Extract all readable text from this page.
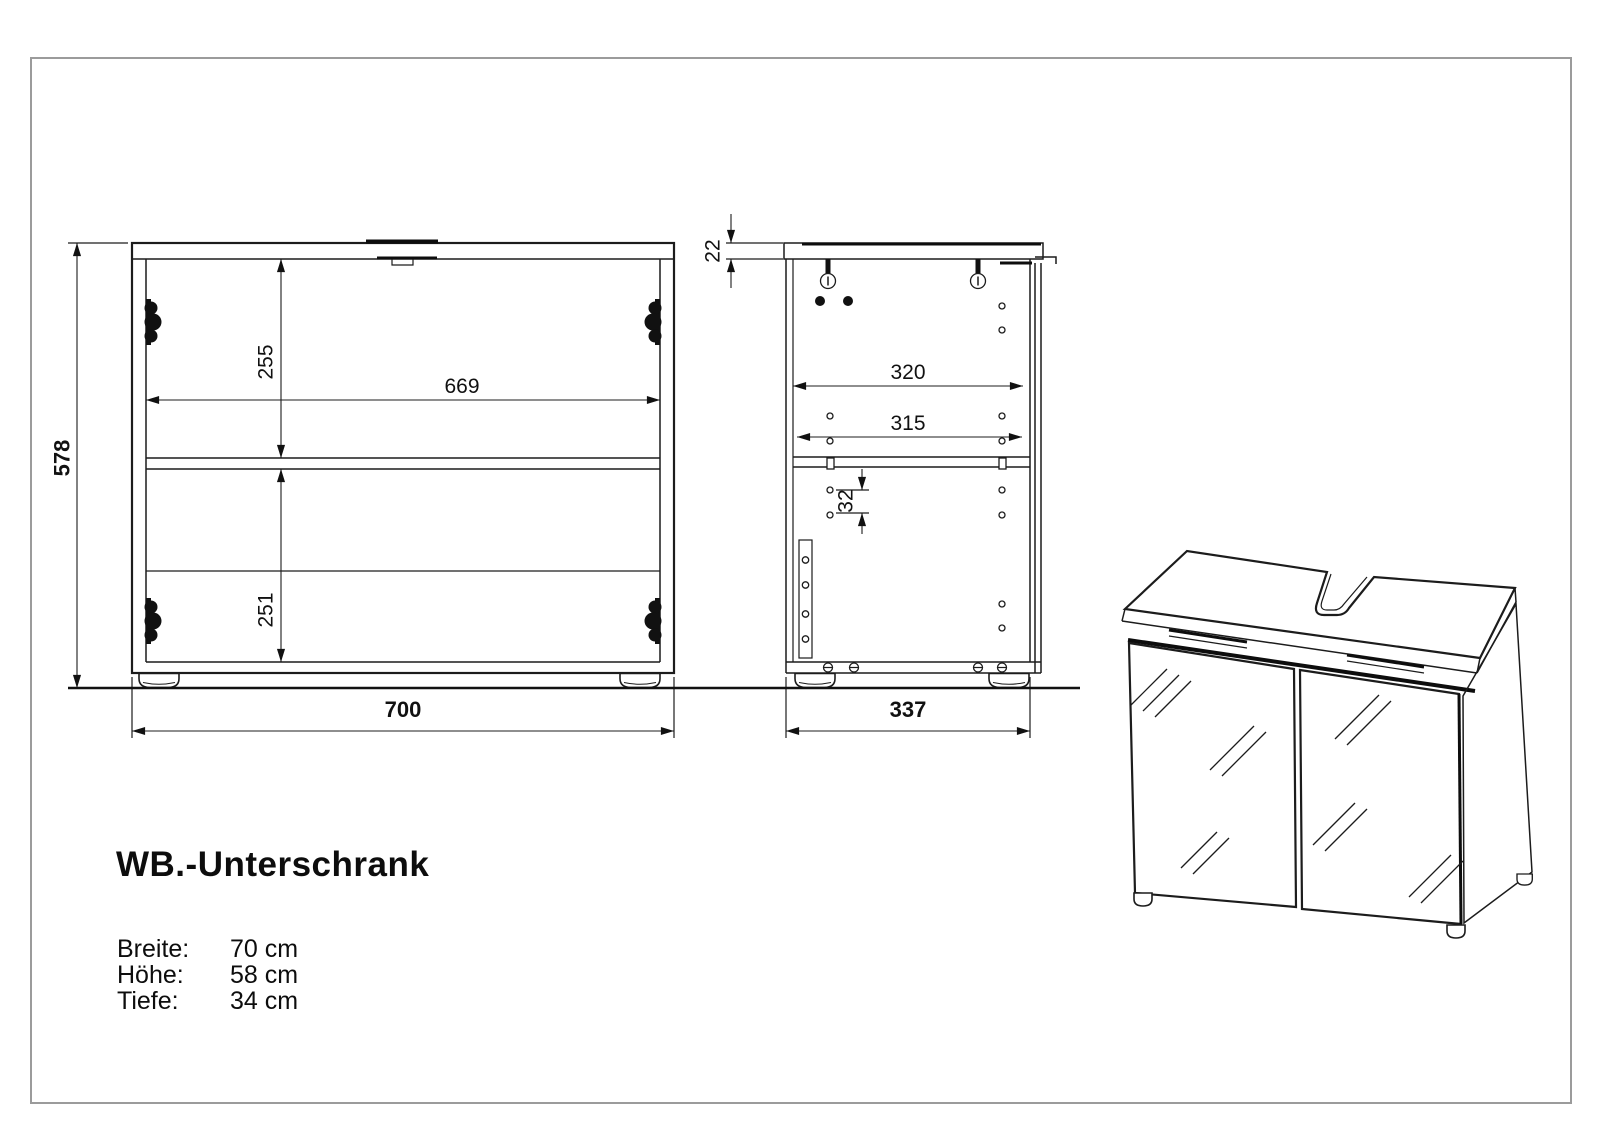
578
255
251
669
700
22
320
315
32
337
WB.-Unterschrank
Breite:	70 cm
Höhe:	58 cm
Tiefe:	34 cm
